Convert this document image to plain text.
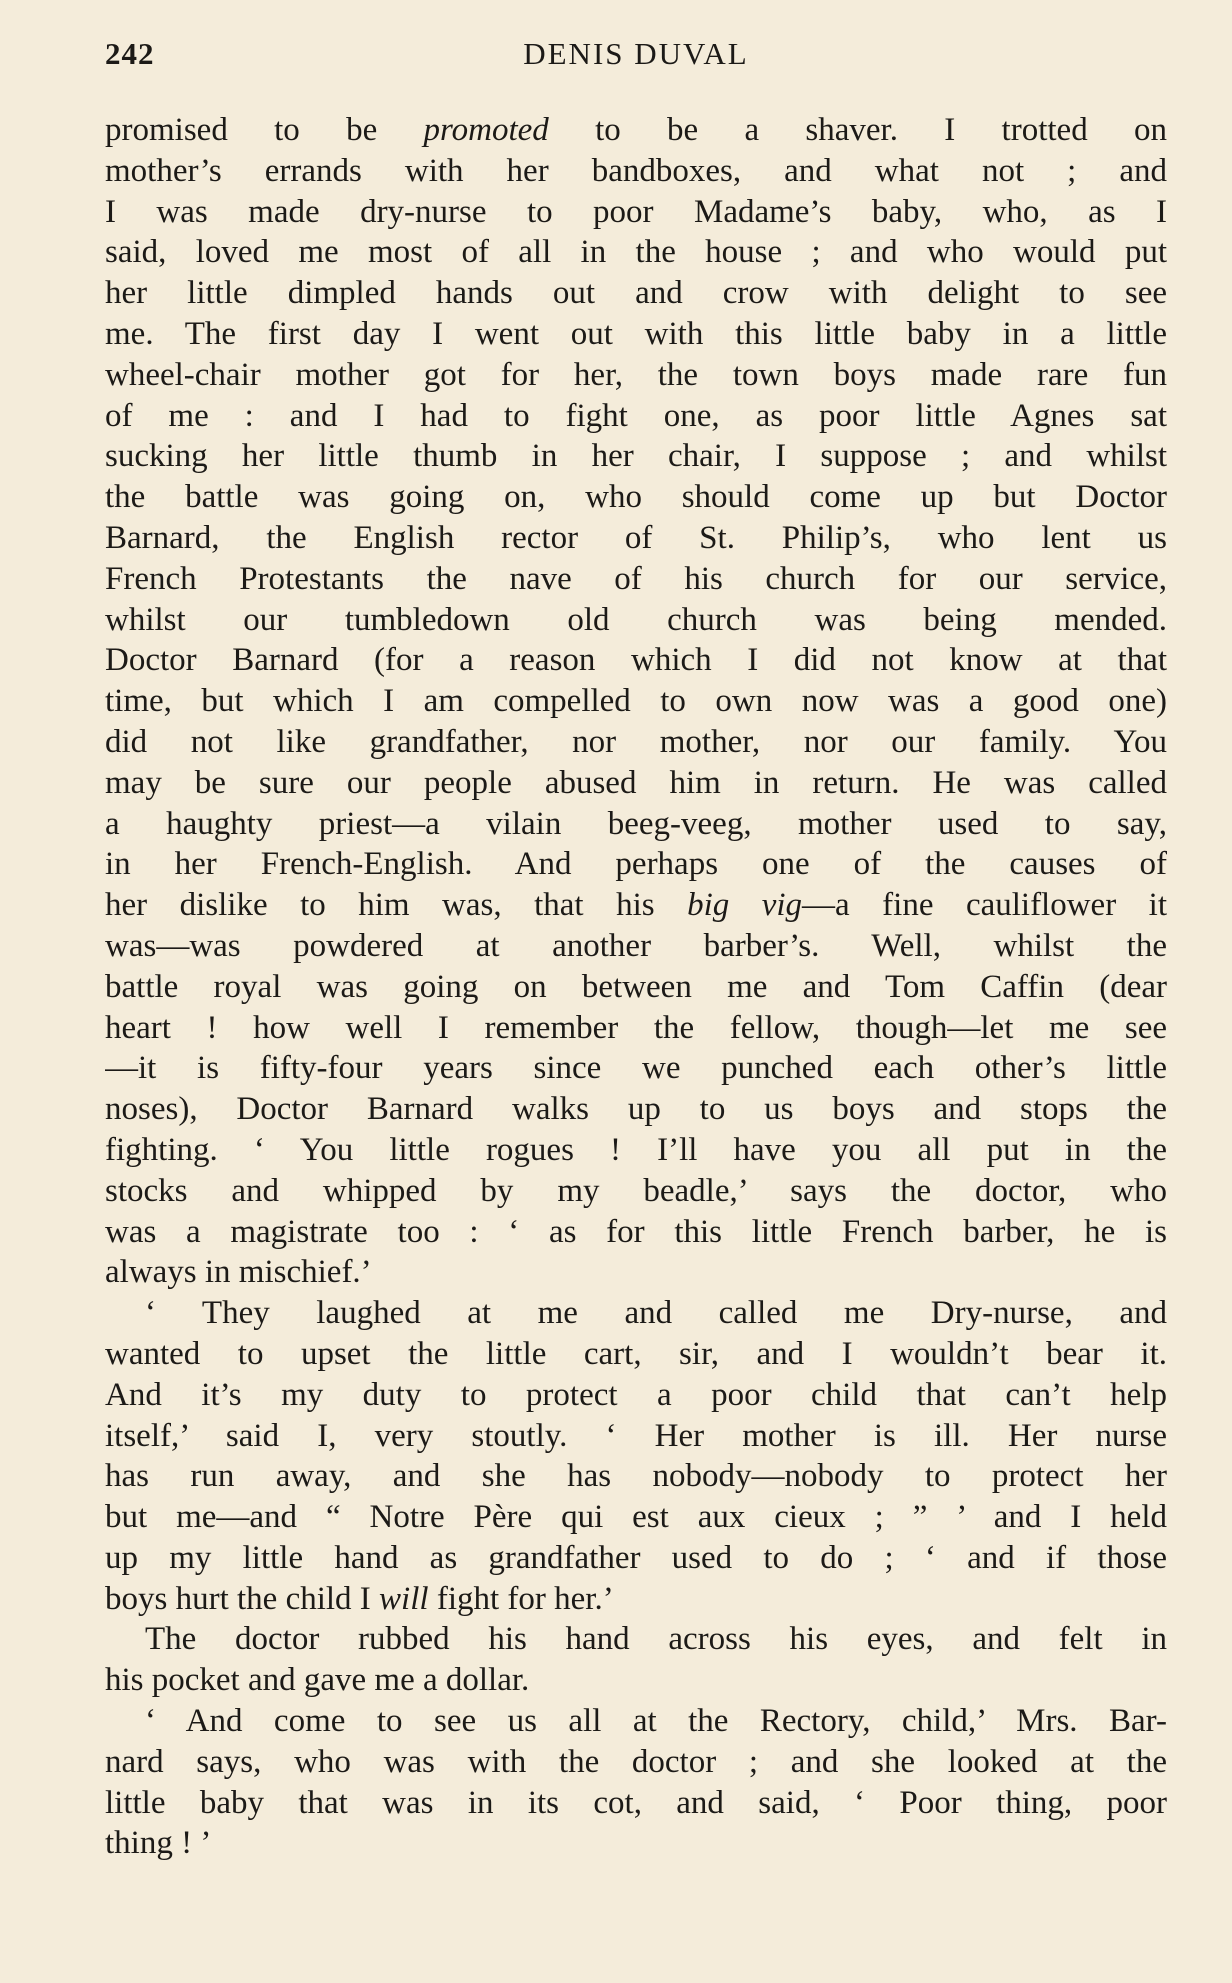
242	DENIS DUVAL
promised to be promoted to be a shaver. I trotted on
mother’s errands with her bandboxes, and what not ; and
I was made dry-nurse to poor Madame’s baby, who, as I
said, loved me most of all in the house ; and who would put
her little dimpled hands out and crow with delight to see
me. The first day I went out with this little baby in a little
wheel-chair mother got for her, the town boys made rare fun
of me : and I had to fight one, as poor little Agnes sat
sucking her little thumb in her chair, I suppose ; and whilst
the battle was going on, who should come up but Doctor
Barnard, the English rector of St. Philip’s, who lent us
French Protestants the nave of his church for our service,
whilst our tumbledown old church was being mended.
Doctor Barnard (for a reason which I did not know at that
time, but which I am compelled to own now was a good one)
did not like grandfather, nor mother, nor our family. You
may be sure our people abused him in return. He was called
a haughty priest—a vilain beeg-veeg, mother used to say,
in her French-English. And perhaps one of the causes of
her dislike to him was, that his big vig—a fine cauliflower it
was—was powdered at another barber’s. Well, whilst the
battle royal was going on between me and Tom Caffin (dear
heart ! how well I remember the fellow, though—let me see
—it is fifty-four years since we punched each other’s little
noses), Doctor Barnard walks up to us boys and stops the
fighting. ‘ You little rogues ! I’ll have you all put in the
stocks and whipped by my beadle,’ says the doctor, who
was a magistrate too : ‘ as for this little French barber, he is
always in mischief.’
‘ They laughed at me and called me Dry-nurse, and
wanted to upset the little cart, sir, and I wouldn’t bear it.
And it’s my duty to protect a poor child that can’t help
itself,’ said I, very stoutly. ‘ Her mother is ill. Her nurse
has run away, and she has nobody—nobody to protect her
but me—and “ Notre Père qui est aux cieux ; ” ’ and I held
up my little hand as grandfather used to do ; ‘ and if those
boys hurt the child I will fight for her.’
The doctor rubbed his hand across his eyes, and felt in
his pocket and gave me a dollar.
‘ And come to see us all at the Rectory, child,’ Mrs. Bar-
nard says, who was with the doctor ; and she looked at the
little baby that was in its cot, and said, ‘ Poor thing, poor
thing ! ’
